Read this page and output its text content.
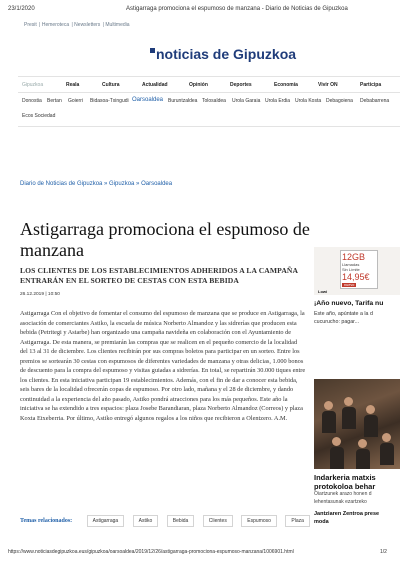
23/1/2020	Astigarraga promociona el espumoso de manzana - Diario de Noticias de Gipuzkoa
Presit | Hemeroteca | Newsletters | Multimedia
noticias de Gipuzkoa
Gipuzkoa	Reala	Cultura	Actualidad	Opinión	Deportes	Economía	Vivir ON	Participa
Donostia Bertan Goierri Bidasoa-Txingudi Oarsoaldea Buruntzaldea Tolosaldea Urola Garaia Urola Erdia Urola Kosta Debagoiena Debabarrena
Ecos Sociedad
Diario de Noticias de Gipuzkoa » Gipuzkoa » Oarsoaldea
Astigarraga promociona el espumoso de manzana
LOS CLIENTES DE LOS ESTABLECIMIENTOS ADHERIDOS A LA CAMPAÑA ENTRARÁN EN EL SORTEO DE CESTAS CON ESTA BEBIDA
26.12.2019 | 10:50
Astigarraga Con el objetivo de fomentar el consumo del espumoso de manzana que se produce en Astigarraga, la asociación de comerciantes Astiko, la escuela de música Norberto Almandoz y las sidrerías que producen esta bebida (Petritegi y Astarbe) han organizado una campaña navideña en colaboración con el Ayuntamiento de Astigarraga. De esta manera, se premiarán las compras que se realicen en el pequeño comercio de la localidad del 13 al 31 de diciembre. Los clientes recibirán por sus compras boletos para participar en un sorteo. Entre los premios se sortearán 30 cestas con espumosos de diferentes variedades de manzana y otras delicias, 1.000 bonos de descuento para la compra del espumoso y visitas guiadas a sidrerías. En total, se repartirán 30.000 tiques entre los clientes. En esta iniciativa participan 19 establecimientos. Además, con el fin de dar a conocer esta bebida, seis bares de la localidad ofrecerán copas de espumoso. Por otro lado, mañana y el 28 de diciembre, y dando continuidad a la experiencia del año pasado, Astiko pondrá atracciones para los más pequeños. Este año la iniciativa se ha extendido a tres espacios: plaza Josebe Barandiaran, plaza Norberto Almandoz (Correos) y plaza Koxta Etxeberria. Por último, Astiko entregó algunos regalos a los niños que recibieron a Olentzero. A.M.
Temas relacionados:	Astigarraga	Astiko	Bebida	Clientes	Espumoso	Plaza
12GB
Llamadas
Sin Límite
14,95€
nuevo
Lowi
¡Año nuevo, Tarifa nu
Este año, apúntate a la d
cucurucho: pagar...
Indarkeria matxis
protokoloa behar
Oiartzunek arazo honen d
lehentasunak ezartzeko
Jantziaren Zentroa prese
moda
https://www.noticiasdegipuzkoa.eus/gipuzkoa/oarsoaldea/2019/12/26/astigarraga-promociona-espumoso-manzana/1006901.html	1/2
